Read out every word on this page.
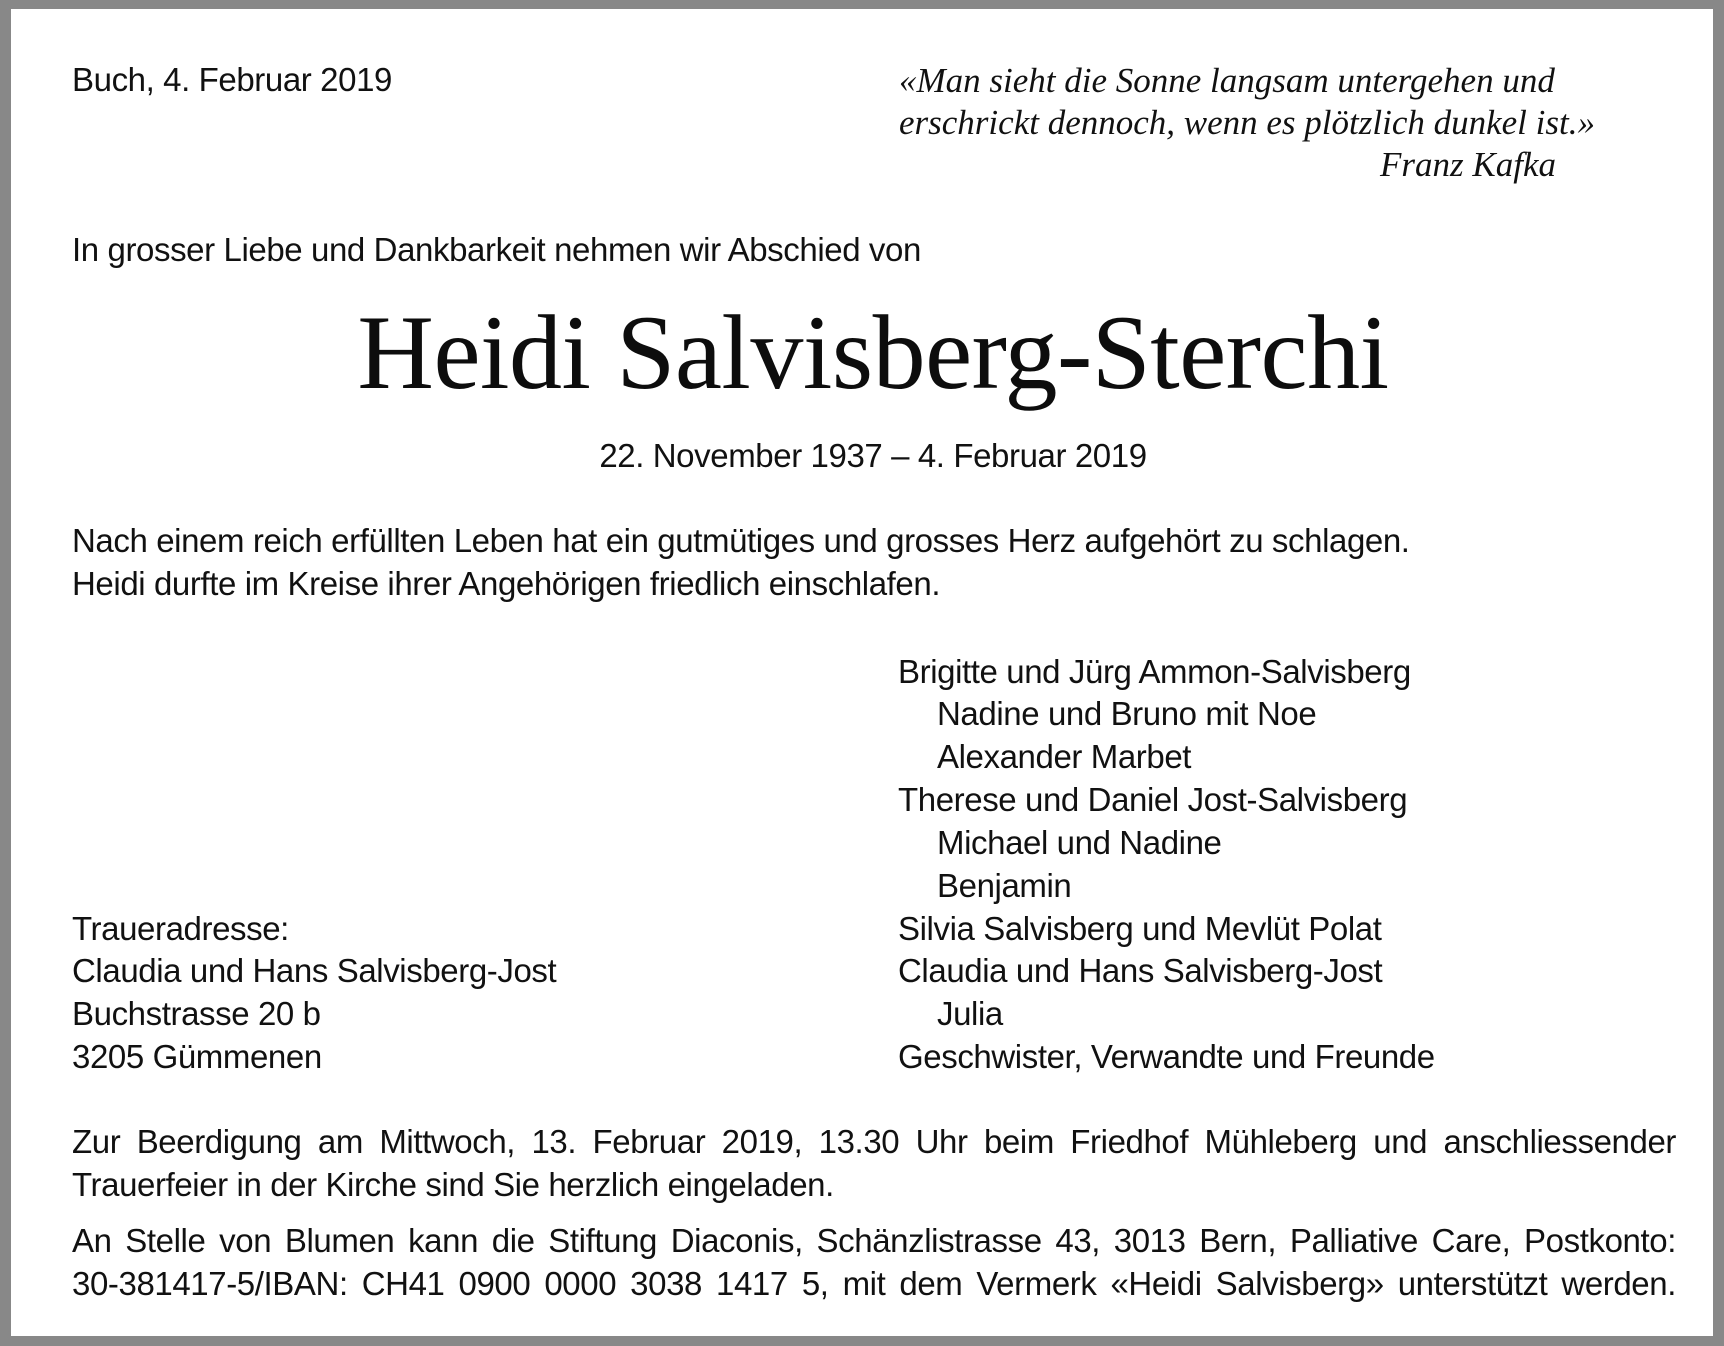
Buch, 4. Februar 2019	«Man sieht die Sonne langsam untergehen und
erschrickt dennoch, wenn es plötzlich dunkel ist.»
Franz Kafka
In grosser Liebe und Dankbarkeit nehmen wir Abschied von
Heidi Salvisberg-Sterchi
22. November 1937 – 4. Februar 2019
Nach einem reich erfüllten Leben hat ein gutmütiges und grosses Herz aufgehört zu schlagen.
Heidi durfte im Kreise ihrer Angehörigen friedlich einschlafen.
Brigitte und Jürg Ammon-Salvisberg
Nadine und Bruno mit Noe
Alexander Marbet
Therese und Daniel Jost-Salvisberg
Michael und Nadine
Benjamin
Silvia Salvisberg und Mevlüt Polat
Claudia und Hans Salvisberg-Jost
Julia
Geschwister, Verwandte und Freunde
Traueradresse:
Claudia und Hans Salvisberg-Jost
Buchstrasse 20 b
3205 Gümmenen
Zur Beerdigung am Mittwoch, 13. Februar 2019, 13.30 Uhr beim Friedhof Mühleberg und anschliessender
Trauerfeier in der Kirche sind Sie herzlich eingeladen.
An Stelle von Blumen kann die Stiftung Diaconis, Schänzlistrasse 43, 3013 Bern, Palliative Care, Postkonto:
30-381417-5/IBAN: CH41 0900 0000 3038 1417 5, mit dem Vermerk «Heidi Salvisberg» unterstützt werden.
